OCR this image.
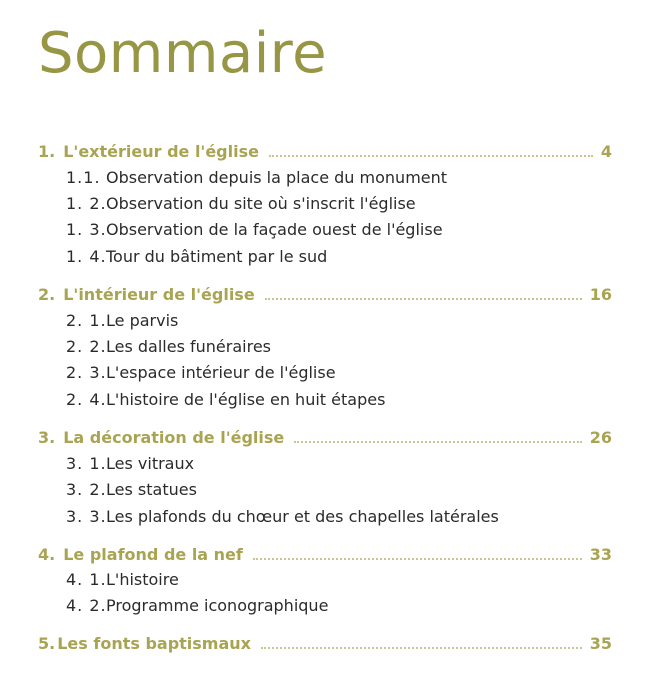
Sommaire
1. L'extérieur de l'église	4
1.1. Observation depuis la place du monument
1. 2. Observation du site où s'inscrit l'église
1. 3. Observation de la façade ouest de l'église
1. 4. Tour du bâtiment par le sud
2. L'intérieur de l'église	16
2. 1. Le parvis
2. 2. Les dalles funéraires
2. 3. L'espace intérieur de l'église
2. 4. L'histoire de l'église en huit étapes
3. La décoration de l'église	26
3. 1. Les vitraux
3. 2. Les statues
3. 3. Les plafonds du chœur et des chapelles latérales
4. Le plafond de la nef	33
4. 1. L'histoire
4. 2. Programme iconographique
5. Les fonts baptismaux	35
